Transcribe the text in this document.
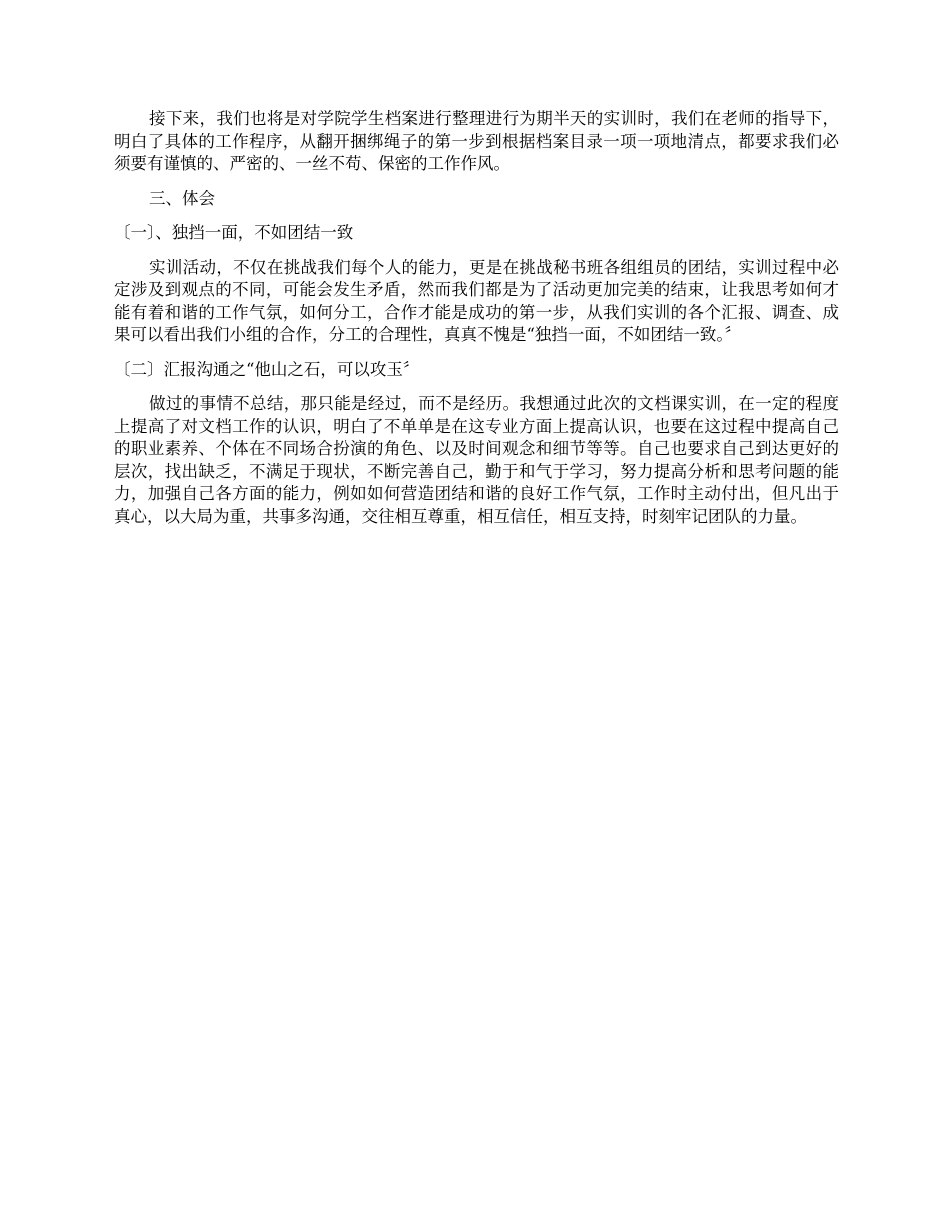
接下来，我们也将是对学院学生档案进行整理进行为期半天的实训时，我们在老师的指导下，明白了具体的工作程序，从翻开捆绑绳子的第一步到根据档案目录一项一项地清点，都要求我们必须要有谨慎的、严密的、一丝不苟、保密的工作作风。

三、体会

〔一〕、独挡一面，不如团结一致

实训活动，不仅在挑战我们每个人的能力，更是在挑战秘书班各组组员的团结，实训过程中必定涉及到观点的不同，可能会发生矛盾，然而我们都是为了活动更加完美的结束，让我思考如何才能有着和谐的工作气氛，如何分工，合作才能是成功的第一步，从我们实训的各个汇报、调查、成果可以看出我们小组的合作，分工的合理性，真真不愧是“独挡一面，不如团结一致。〞

〔二〕汇报沟通之“他山之石，可以攻玉〞

做过的事情不总结，那只能是经过，而不是经历。我想通过此次的文档课实训，在一定的程度上提高了对文档工作的认识，明白了不单单是在这专业方面上提高认识，也要在这过程中提高自己的职业素养、个体在不同场合扮演的角色、以及时间观念和细节等等。自己也要求自己到达更好的层次，找出缺乏，不满足于现状，不断完善自己，勤于和气于学习，努力提高分析和思考问题的能力，加强自己各方面的能力，例如如何营造团结和谐的良好工作气氛，工作时主动付出，但凡出于真心，以大局为重，共事多沟通，交往相互尊重，相互信任，相互支持，时刻牢记团队的力量。
